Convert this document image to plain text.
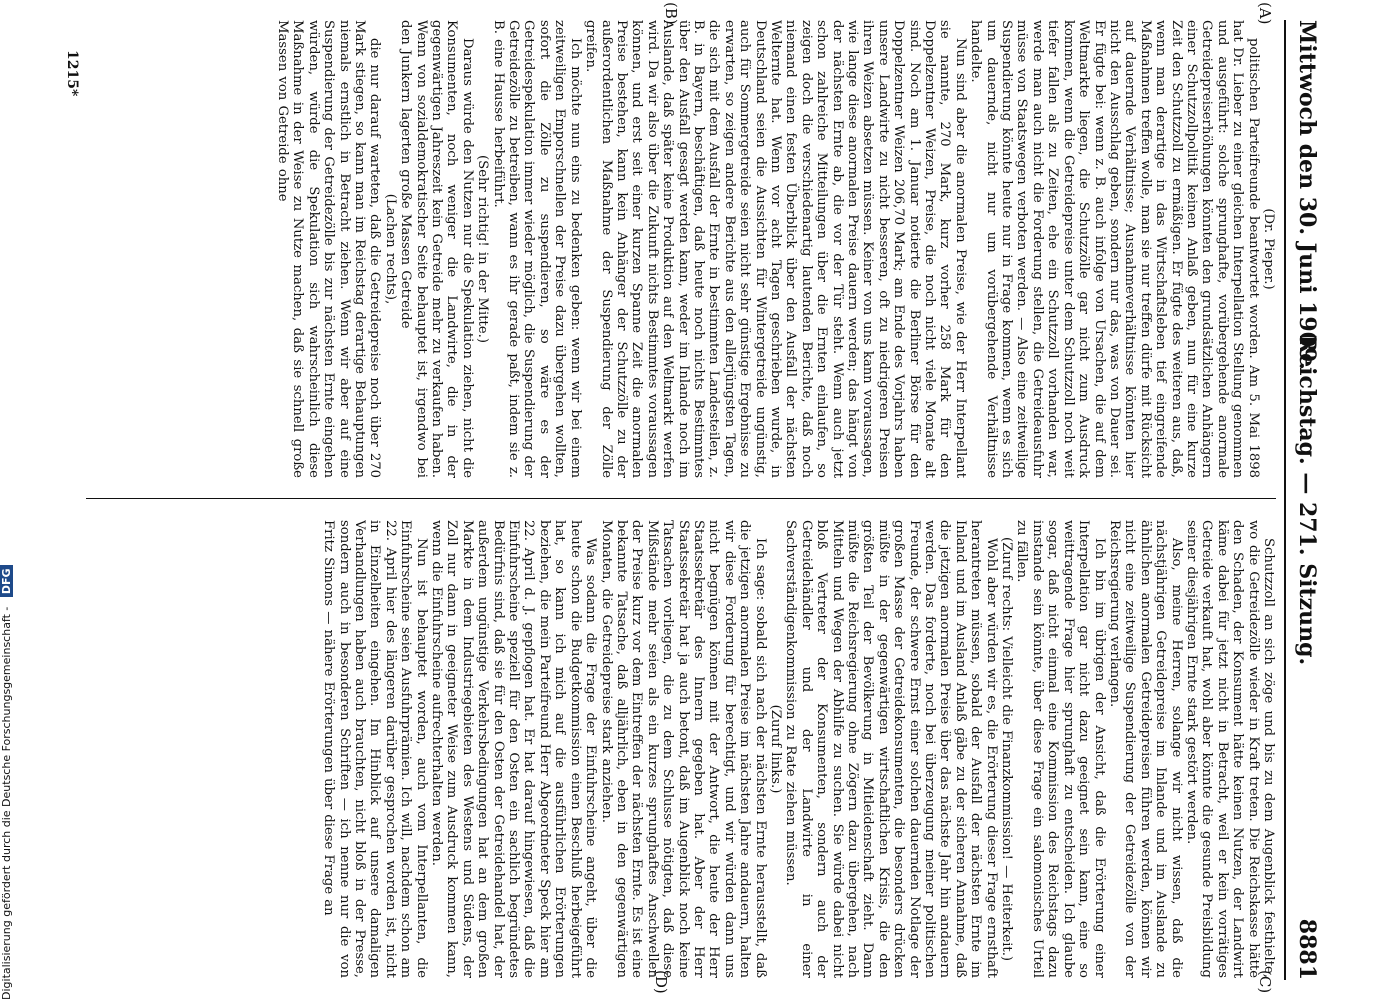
Mittwoch den 30. Juni 1909.
Reichstag. — 271. Sitzung.
8881

(Dr. Pieper.)

politischen Parteifreunde beantwortet worden. Am 5. Mai 1898 hat Dr. Lieber zu einer gleichen Interpellation Stellung genommen und ausgeführt: solche sprunghafte, vorübergehende anormale Getreidepreiserhöhungen könnten den grundsätzlichen Anhängern einer Schutzzollpolitik keinen Anlaß geben, nun für eine kurze Zeit den Schutzzoll zu ermäßigen. Er fügte des weiteren aus, daß, wenn man derartige in das Wirtschaftsleben tief eingreifende Maßnahmen treffen wolle, man sie nur treffen dürfe mit Rücksicht auf dauernde Verhältnisse; Ausnahmeverhältnisse könnten hier nicht den Ausschlag geben, sondern nur das, was von Dauer sei. Er fügte bei: wenn z. B. auch infolge von Ursachen, die auf dem Weltmarkte liegen, die Schutzzölle gar nicht zum Ausdruck kommen, wenn die Getreidepreise unter dem Schutzzoll noch weit tiefer fallen als zu Zeiten, ehe ein Schutzzoll vorhanden war, werde man auch nicht die Forderung stellen, die Getreideausfuhr müsse von Staatswegen verboten werden. — Also eine zeitweilige Suspendierung könnte heute nur in Frage kommen, wenn es sich um dauernde, nicht nur um vorübergehende Verhältnisse handelte.

Nun sind aber die anormalen Preise, wie der Herr Interpellant sie nannte, 270 Mark, kurz vorher 258 Mark für den Doppelzentner Weizen, Preise, die noch nicht viele Monate alt sind. Noch am 1. Januar notierte die Berliner Börse für den Doppelzentner Weizen 206,70 Mark; am Ende des Vorjahrs haben unsere Landwirte zu nicht besseren, oft zu niedrigeren Preisen ihren Weizen absetzen müssen. Keiner von uns kann voraussagen, wie lange diese anormalen Preise dauern werden; das hängt von der nächsten Ernte ab, die vor der Tür steht. Wenn auch jetzt schon zahlreiche Mitteilungen über die Ernten einlaufen, so zeigen doch die verschiedenartig lautenden Berichte, daß noch niemand einen festen Überblick über den Ausfall der nächsten Welternte hat. Wenn vor acht Tagen geschrieben wurde, in Deutschland seien die Aussichten für Wintergetreide ungünstig, auch für Sommergetreide seien nicht sehr günstige Ergebnisse zu erwarten, so zeigen andere Berichte aus den allerjüngsten Tagen, die sich mit dem Ausfall der Ernte in bestimmten Landesteilen, z. B. in Bayern, beschäftigen, daß heute noch nichts Bestimmtes über den Ausfall gesagt werden kann, weder im Inlande noch im Auslande, daß später keine Produktion auf den Weltmarkt werfen wird. Da wir also über die Zukunft nichts Bestimmtes voraussagen können, und erst seit einer kurzen Spanne Zeit die anormalen Preise bestehen, kann kein Anhänger der Schutzzölle zu der außerordentlichen Maßnahme der Suspendierung der Zölle greifen.

Ich möchte nun eins zu bedenken geben: wenn wir bei einem zeitweiligen Emporschnellen der Preise dazu übergehen wollten, sofort die Zölle zu suspendieren, so wäre es der Getreidespekulation immer wieder möglich, die Suspendierung der Getreidezölle zu betreiben, wann es ihr gerade paßt, indem sie z. B. eine Hausse herbeiführt.

(Sehr richtig! in der Mitte.)

Daraus würde den Nutzen nur die Spekulation ziehen, nicht die Konsumenten, noch weniger die Landwirte, die in der gegenwärtigen Jahreszeit kein Getreide mehr zu verkaufen haben. Wenn von sozialdemokratischer Seite behauptet ist, irgendwo bei den Junkern lagerten große Massen Getreide

(Lachen rechts),

die nur darauf warteten, daß die Getreidepreise noch über 270 Mark stiegen, so kann man im Reichstag derartige Behauptungen niemals ernstlich in Betracht ziehen. Wenn wir aber auf eine Suspendierung der Getreidezölle bis zur nächsten Ernte eingehen würden, würde die Spekulation sich wahrscheinlich diese Maßnahme in der Weise zu Nutze machen, daß sie schnell große Massen von Getreide ohne

Schutzzoll an sich zöge und bis zu dem Augenblick festhielte, wo die Getreidezölle wieder in Kraft treten. Die Reichskasse hätte den Schaden, der Konsument hätte keinen Nutzen, der Landwirt käme dabei für jetzt nicht in Betracht, weil er kein vorrätiges Getreide verkauft hat, wohl aber könnte die gesunde Preisbildung seiner diesjährigen Ernte stark gestört werden.

Also, meine Herren, solange wir nicht wissen, daß die nächstjährigen Getreidepreise im Inlande und im Auslande zu ähnlichen anormalen Getreidepreisen führen werden, können wir nicht eine zeitweilige Suspendierung der Getreidezölle von der Reichsregierung verlangen.

Ich bin im übrigen der Ansicht, daß die Erörterung einer Interpellation gar nicht dazu geeignet sein kann, eine so weittragende Frage hier sprunghaft zu entscheiden. Ich glaube sogar, daß nicht einmal eine Kommission des Reichstags dazu imstande sein könnte, über diese Frage ein salomonisches Urteil zu fällen.

(Zuruf rechts: Vielleicht die Finanzkommission! — Heiterkeit.)

Wohl aber würden wir es, die Erörterung dieser Frage ernsthaft herantreten müssen, sobald der Ausfall der nächsten Ernte im Inland und im Ausland Anlaß gäbe zu der sicheren Annahme, daß die jetzigen anormalen Preise über das nächste Jahr hin andauern werden. Das forderte, noch bei überzeugung meiner politischen Freunde, der schwere Ernst einer solchen dauernden Notlage der großen Masse der Getreidekonsumenten, die besonders drücken müßte in der gegenwärtigen wirtschaftlichen Krisis, die den größten Teil der Bevölkerung in Mitleidenschaft zieht. Dann müßte die Reichsregierung ohne Zögern dazu übergehen, nach Mitteln und Wegen der Abhilfe zu suchen. Sie würde dabei nicht bloß Vertreter der Konsumenten, sondern auch der Getreidehändler und der Landwirte in einer Sachverständigenkommission zu Rate ziehen müssen.

(Zuruf links.)

Ich sage: sobald sich nach der nächsten Ernte herausstellt, daß die jetzigen anormalen Preise im nächsten Jahre andauern, halten wir diese Forderung für berechtigt, und wir würden dann uns nicht begnügen können mit der Antwort, die heute der Herr Staatssekretär des Innern gegeben hat. Aber der Herr Staatssekretär hat ja auch betont, daß im Augenblick noch keine Tatsachen vorliegen, die zu dem Schlusse nötigten, daß diese Mißstände mehr seien als ein kurzes sprunghaftes Anschwellen der Preise kurz vor dem Eintreffen der nächsten Ernte. Es ist eine bekannte Tatsache, daß alljährlich, eben in den gegenwärtigen Monaten, die Getreidepreise stark anziehen.

Was sodann die Frage der Einfuhrscheine angeht, über die heute schon die Budgetkommission einen Beschluß herbeigeführt hat, so kann ich mich auf die ausführlichen Erörterungen beziehen, die mein Parteifreund Herr Abgeordneter Speck hier am 22. April d. J. gepflogen hat. Er hat darauf hingewiesen, daß die Einfuhrscheine speziell für den Osten ein sachlich begründetes Bedürfnis sind, daß sie für den Osten der Getreidehandel hat, der außerdem ungünstige Verkehrsbedingungen hat an dem großen Markte in dem Industriegebieten des Westens und Südens, der Zoll nur dann in geeigneter Weise zum Ausdruck kommen kann, wenn die Einfuhrscheine aufrechterhalten werden.

Nun ist behauptet worden, auch vom Interpellanten, die Einfuhrscheine seien Ausfuhrprämien. Ich will, nachdem schon am 22. April hier des längeren darüber gesprochen worden ist, nicht in Einzelheiten eingehen. Im Hinblick auf unsere damaligen Verhandlungen haben auch brauchten, nicht bloß in der Presse, sondern auch in besonderen Schriften — ich nenne nur die von Fritz Simons — nähere Erörterungen über diese Frage an

(A)
(B)
(C)
(D)
1215*
Digitalisierung gefördert durch die Deutsche Forschungsgemeinschaft - DFG
